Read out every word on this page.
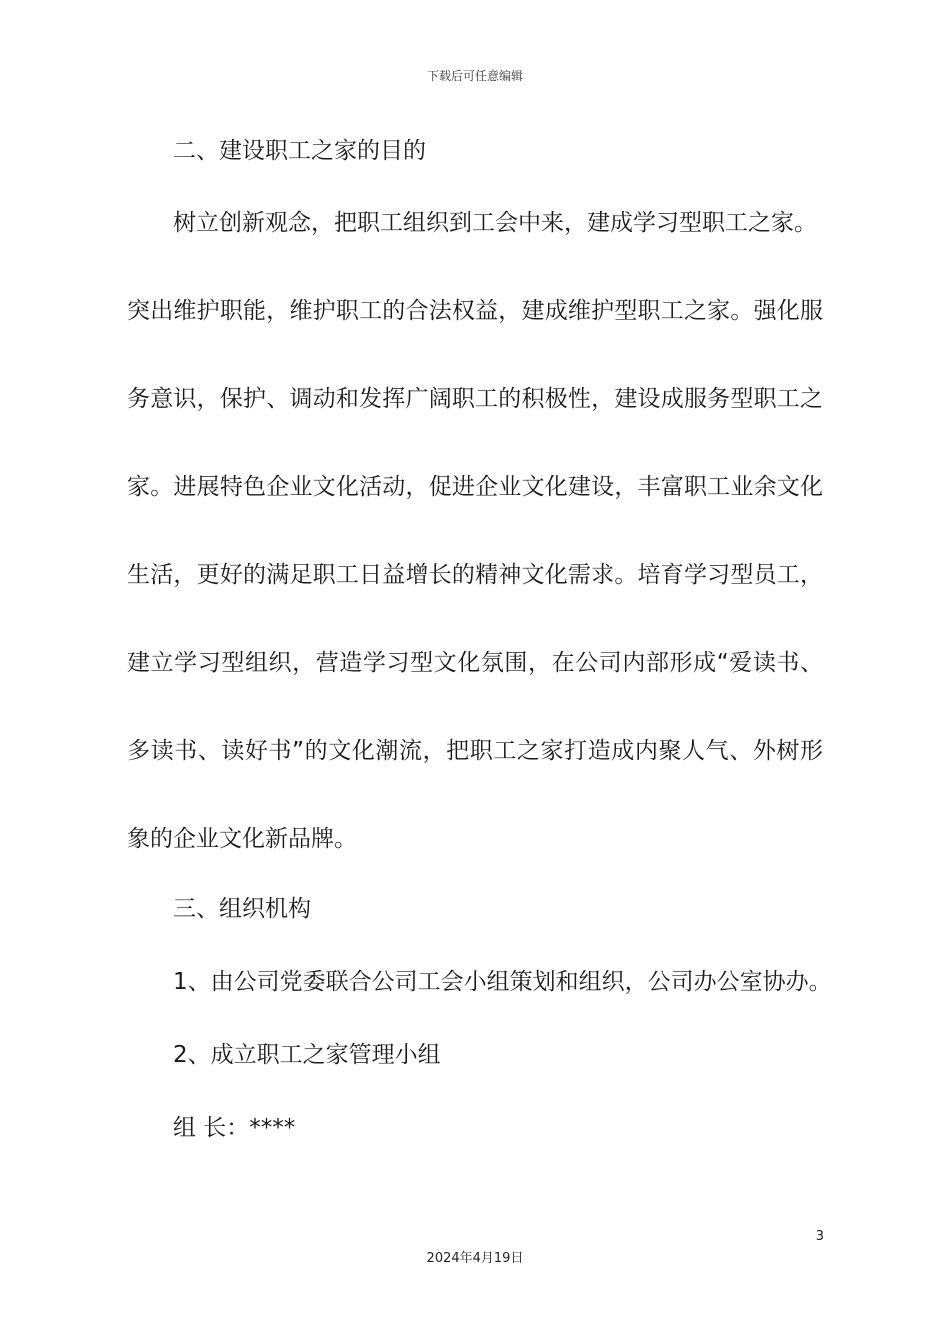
下载后可任意编辑

二、建设职工之家的目的

树立创新观念，把职工组织到工会中来，建成学习型职工之家。

突出维护职能，维护职工的合法权益，建成维护型职工之家。强化服

务意识，保护、调动和发挥广阔职工的积极性，建设成服务型职工之

家。进展特色企业文化活动，促进企业文化建设，丰富职工业余文化

生活，更好的满足职工日益增长的精神文化需求。培育学习型员工，

建立学习型组织，营造学习型文化氛围，在公司内部形成“爱读书、

多读书、读好书”的文化潮流，把职工之家打造成内聚人气、外树形

象的企业文化新品牌。

三、组织机构

1、由公司党委联合公司工会小组策划和组织，公司办公室协办。

2、成立职工之家管理小组

组 长：****

3
2024年4月19日
